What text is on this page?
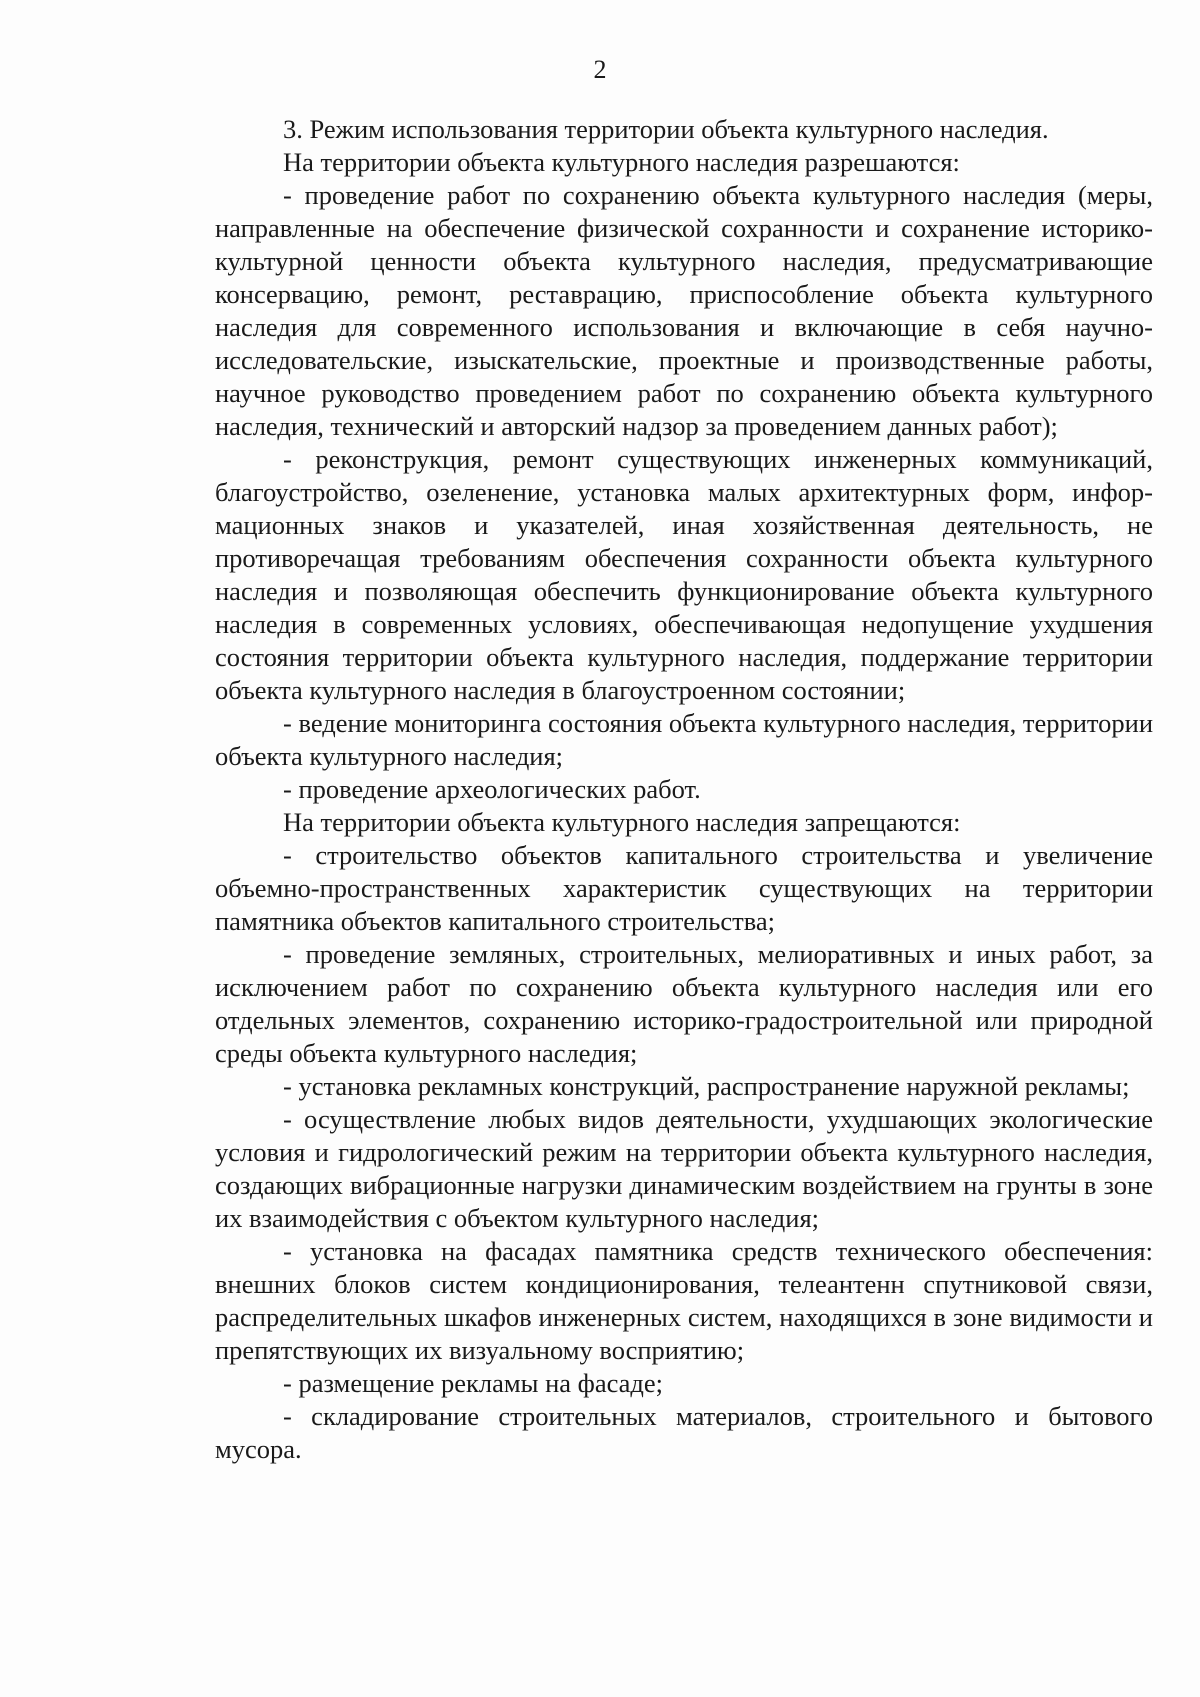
2

3. Режим использования территории объекта культурного наследия.

На территории объекта культурного наследия разрешаются:

- проведение работ по сохранению объекта культурного наследия (меры, направленные на обеспечение физической сохранности и сохранение историко-культурной ценности объекта культурного наследия, предусматривающие консервацию, ремонт, реставрацию, приспособление объекта культурного наследия для современного использования и включающие в себя научно-исследовательские, изыскательские, проектные и производственные работы, научное руководство проведением работ по сохранению объекта культурного наследия, технический и авторский надзор за проведением данных работ);

- реконструкция, ремонт существующих инженерных коммуникаций, благоустройство, озеленение, установка малых архитектурных форм, информационных знаков и указателей, иная хозяйственная деятельность, не противоречащая требованиям обеспечения сохранности объекта культурного наследия и позволяющая обеспечить функционирование объекта культурного наследия в современных условиях, обеспечивающая недопущение ухудшения состояния территории объекта культурного наследия, поддержание территории объекта культурного наследия в благоустроенном состоянии;

- ведение мониторинга состояния объекта культурного наследия, территории объекта культурного наследия;

- проведение археологических работ.

На территории объекта культурного наследия запрещаются:

- строительство объектов капитального строительства и увеличение объемно-пространственных характеристик существующих на территории памятника объектов капитального строительства;

- проведение земляных, строительных, мелиоративных и иных работ, за исключением работ по сохранению объекта культурного наследия или его отдельных элементов, сохранению историко-градостроительной или природной среды объекта культурного наследия;

- установка рекламных конструкций, распространение наружной рекламы;

- осуществление любых видов деятельности, ухудшающих экологические условия и гидрологический режим на территории объекта культурного наследия, создающих вибрационные нагрузки динамическим воздействием на грунты в зоне их взаимодействия с объектом культурного наследия;

- установка на фасадах памятника средств технического обеспечения: внешних блоков систем кондиционирования, телеантенн спутниковой связи, распределительных шкафов инженерных систем, находящихся в зоне видимости и препятствующих их визуальному восприятию;

- размещение рекламы на фасаде;

- складирование строительных материалов, строительного и бытового мусора.
